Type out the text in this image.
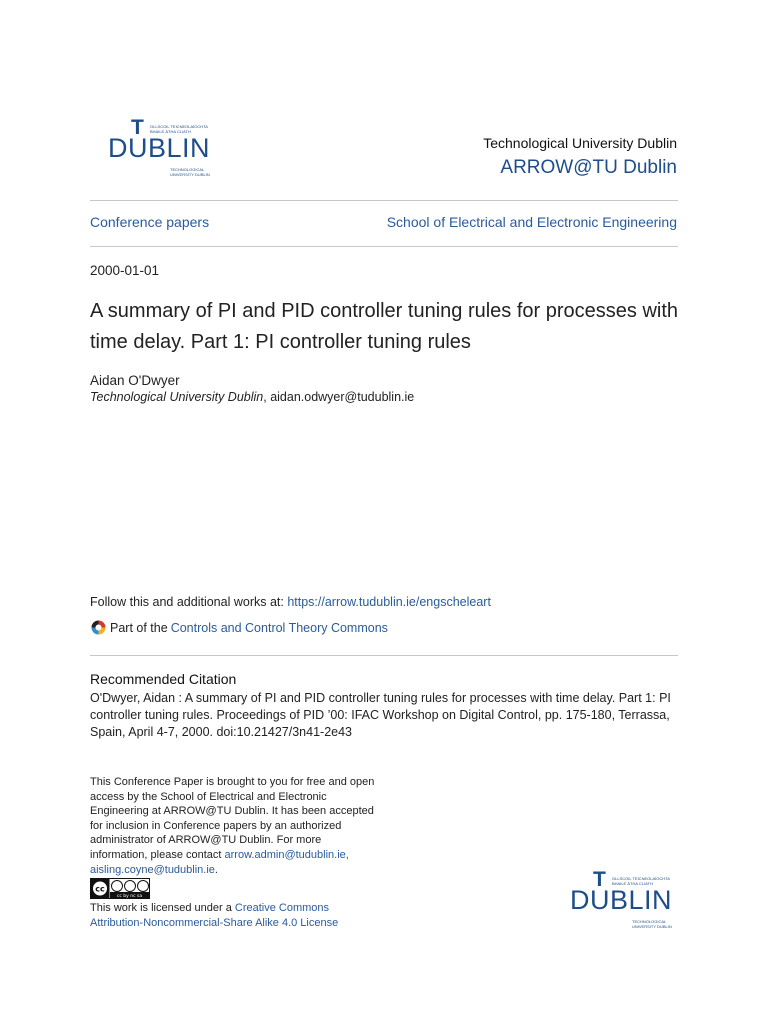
T OLLSCOIL TEICNEOLAÍOCHTA
BHAILE ÁTHA CLIATH
DUBLIN
TECHNOLOGICAL
UNIVERSITY DUBLIN
Technological University Dublin
ARROW@TU Dublin
Conference papers	School of Electrical and Electronic Engineering
2000-01-01
A summary of PI and PID controller tuning rules for processes with time delay. Part 1: PI controller tuning rules
Aidan O'Dwyer
Technological University Dublin, aidan.odwyer@tudublin.ie
Follow this and additional works at: https://arrow.tudublin.ie/engscheleart
Part of the Controls and Control Theory Commons
Recommended Citation
O'Dwyer, Aidan : A summary of PI and PID controller tuning rules for processes with time delay. Part 1: PI controller tuning rules. Proceedings of PID ’00: IFAC Workshop on Digital Control, pp. 175-180, Terrassa, Spain, April 4-7, 2000. doi:10.21427/3n41-2e43
This Conference Paper is brought to you for free and open access by the School of Electrical and Electronic Engineering at ARROW@TU Dublin. It has been accepted for inclusion in Conference papers by an authorized administrator of ARROW@TU Dublin. For more information, please contact arrow.admin@tudublin.ie, aisling.coyne@tudublin.ie.
cc
cc by nc sa
This work is licensed under a Creative Commons Attribution-Noncommercial-Share Alike 4.0 License
T OLLSCOIL TEICNEOLAÍOCHTA
BHAILE ÁTHA CLIATH
DUBLIN
TECHNOLOGICAL
UNIVERSITY DUBLIN
